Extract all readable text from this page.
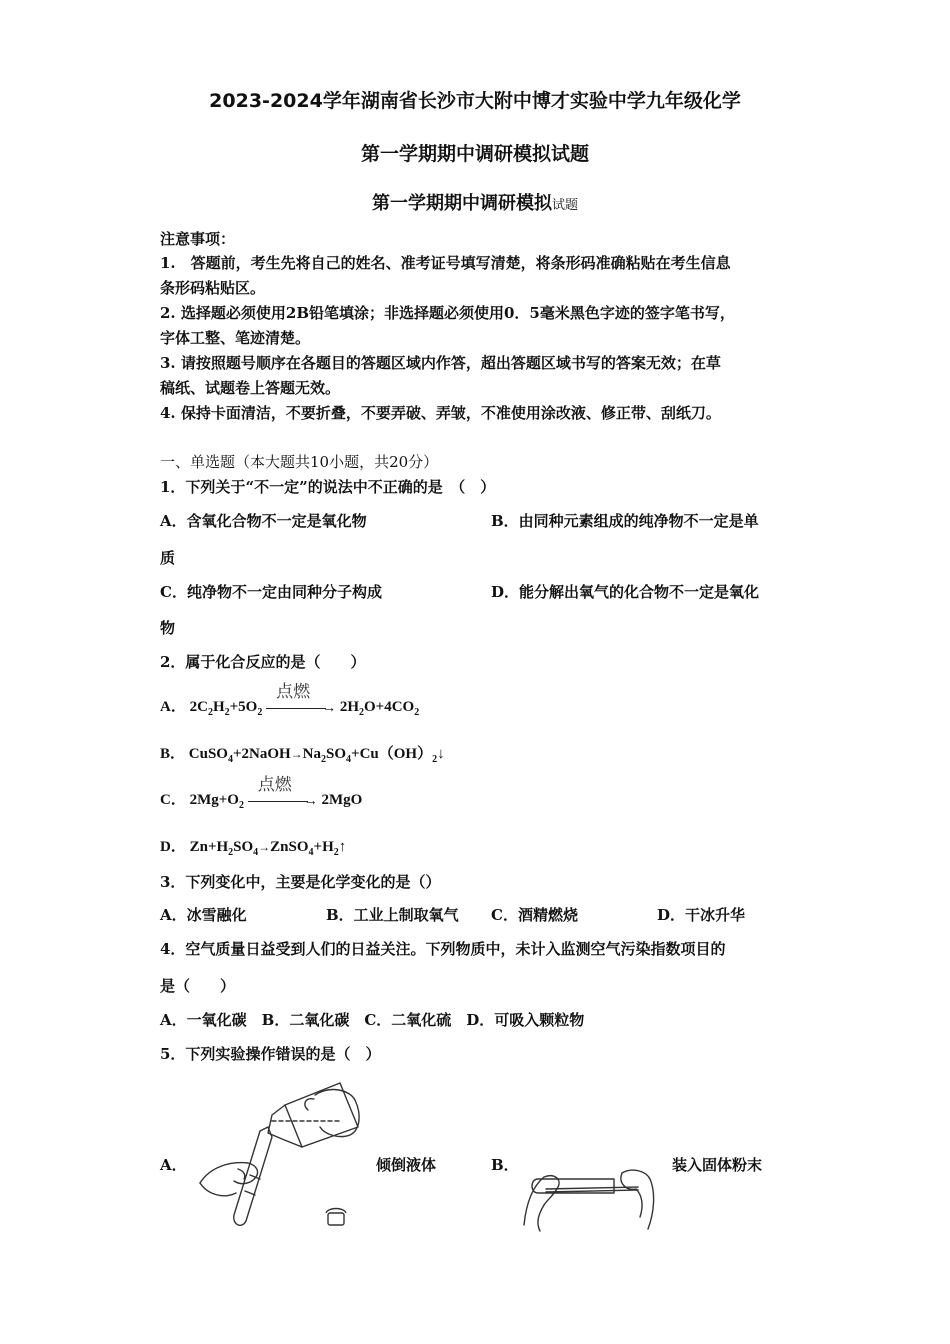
2023-2024学年湖南省长沙市大附中博才实验中学九年级化学
第一学期期中调研模拟试题
第一学期期中调研模拟试题
注意事项：
1.　答题前，考生先将自己的姓名、准考证号填写清楚，将条形码准确粘贴在考生信息
条形码粘贴区。
2. 选择题必须使用2B铅笔填涂；非选择题必须使用0．5毫米黑色字迹的签字笔书写，
字体工整、笔迹清楚。
3. 请按照题号顺序在各题目的答题区域内作答，超出答题区域书写的答案无效；在草
稿纸、试题卷上答题无效。
4. 保持卡面清洁，不要折叠，不要弄破、弄皱，不准使用涂改液、修正带、刮纸刀。
一、单选题（本大题共10小题，共20分）
1．下列关于“不一定”的说法中不正确的是　（　）
A．含氧化合物不一定是氧化物	B．由同种元素组成的纯净物不一定是单
质
C．纯净物不一定由同种分子构成	D．能分解出氧气的化合物不一定是氧化
物
2．属于化合反应的是（　　）
A． $2C_2H_2+5O_2$
点燃
→ $2H_2O+4CO_2$
B． $CuSO_4+2NaOH\to Na_2SO_4+Cu(OH)_2↓$
C． $2Mg+O_2$
点燃
→ 2MgO
D． $Zn+H_2SO_4\to ZnSO_4+H_2↑$
3．下列变化中，主要是化学变化的是（）
A．冰雪融化	B．工业上制取氧气 C．酒精燃烧	D．干冰升华
4．空气质量日益受到人们的日益关注。下列物质中，未计入监测空气污染指数项目的
是（　　）
A．一氧化碳　B．二氧化碳　C．二氧化硫　D．可吸入颗粒物
5．下列实验操作错误的是（　）
A．	倾倒液体	B．	装入固体粉末
